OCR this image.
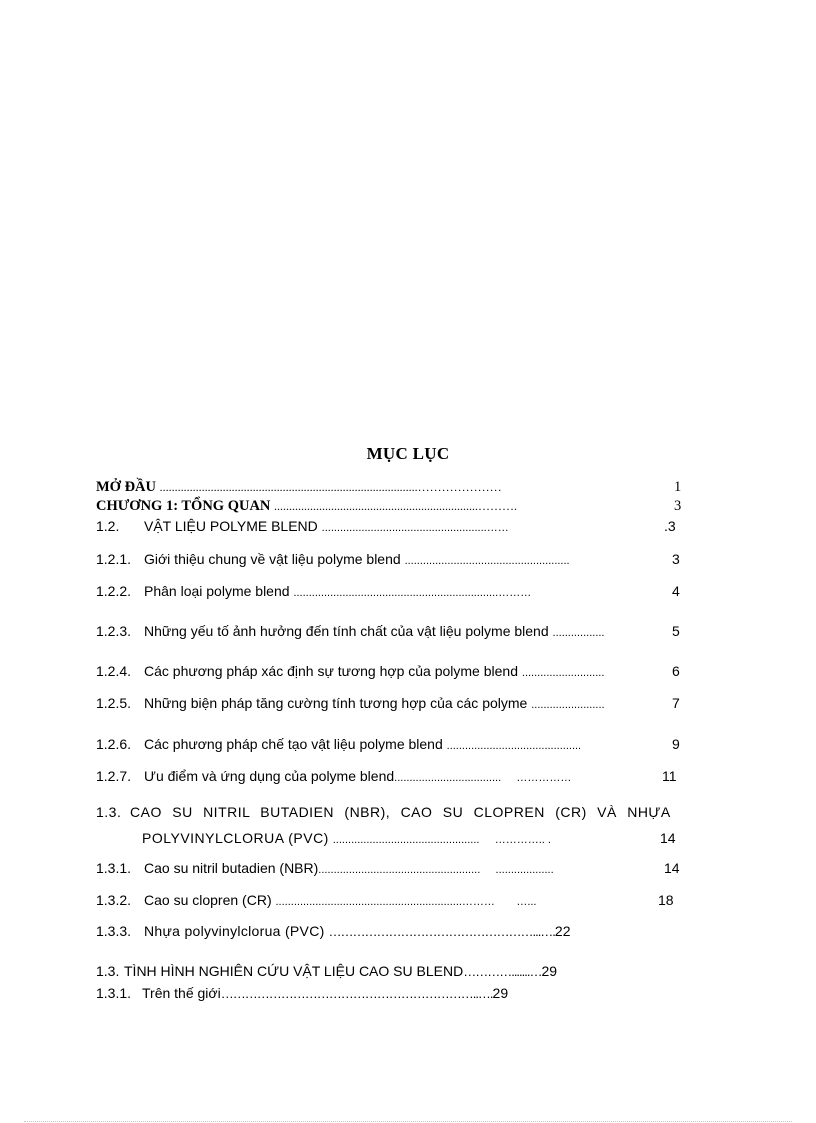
MỤC LỤC
MỞ ĐẦU ......................................................................................…………………	1
CHƯƠNG 1: TỔNG QUAN ....................................................................……….	3
1.2. VẬT LIỆU POLYME BLEND ......................................................……	.3
1.2.1. Giới thiệu chung về vật liệu polyme blend ......................................................	3
1.2.2. Phân loại polyme blend ...................................................................………	4
1.2.3. Những yếu tố ảnh hưởng đến tính chất của vật liệu polyme blend .................	5
1.2.4. Các phương pháp xác định sự tương hợp của polyme blend ...........................	6
1.2.5. Những biện pháp tăng cường tính tương hợp của các polyme ........................	7
1.2.6. Các phương pháp chế tạo vật liệu polyme blend ............................................	9
1.2.7. Ưu điểm và ứng dụng của polyme blend...................................     ……………	11
1.3. CAO SU NITRIL BUTADIEN (NBR), CAO SU CLOPREN (CR) VÀ NHỰA
POLYVINYLCLORUA (PVC) ................................................     ………….. .	14
1.3.1. Cao su nitril butadien (NBR).....................................................     ...................	14
1.3.2. Cao su clopren (CR) .............................................................………       …...	18
1.3.3. Nhựa polyvinylclorua (PVC) ……………………………………………...….22
1.3. TÌNH HÌNH NGHIÊN CỨU VẬT LIỆU CAO SU BLEND………….......…29
1.3.1. Trên thế giới………………………………………………………..….29
